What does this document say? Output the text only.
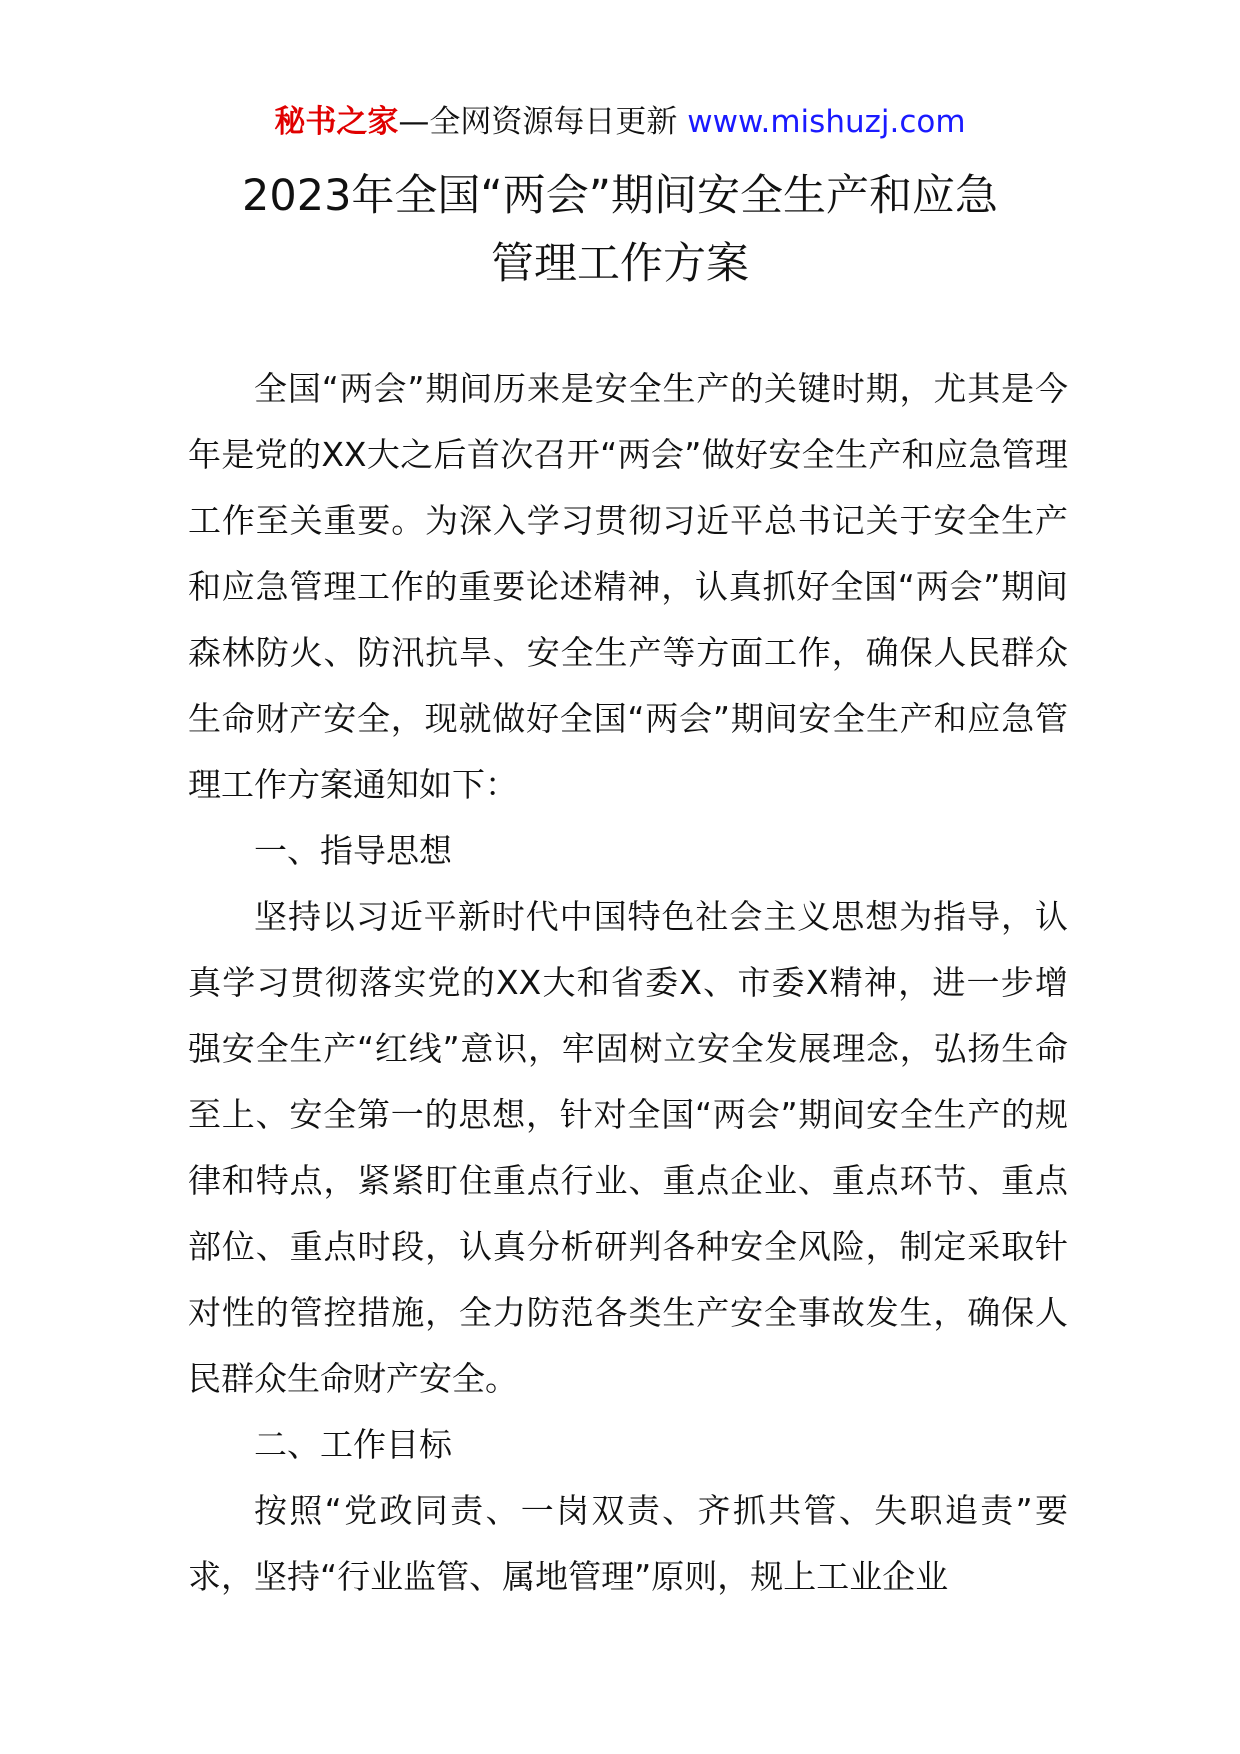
秘书之家—全网资源每日更新 www.mishuzj.com
2023年全国“两会”期间安全生产和应急
管理工作方案

全国“两会”期间历来是安全生产的关键时期，尤其是今年是党的XX大之后首次召开“两会”做好安全生产和应急管理工作至关重要。为深入学习贯彻习近平总书记关于安全生产和应急管理工作的重要论述精神，认真抓好全国“两会”期间森林防火、防汛抗旱、安全生产等方面工作，确保人民群众生命财产安全，现就做好全国“两会”期间安全生产和应急管理工作方案通知如下：

一、指导思想

坚持以习近平新时代中国特色社会主义思想为指导，认真学习贯彻落实党的XX大和省委X、市委X精神，进一步增强安全生产“红线”意识，牢固树立安全发展理念，弘扬生命至上、安全第一的思想，针对全国“两会”期间安全生产的规律和特点，紧紧盯住重点行业、重点企业、重点环节、重点部位、重点时段，认真分析研判各种安全风险，制定采取针对性的管控措施，全力防范各类生产安全事故发生，确保人民群众生命财产安全。

二、工作目标

按照“党政同责、一岗双责、齐抓共管、失职追责”要求，坚持“行业监管、属地管理”原则，规上工业企业
